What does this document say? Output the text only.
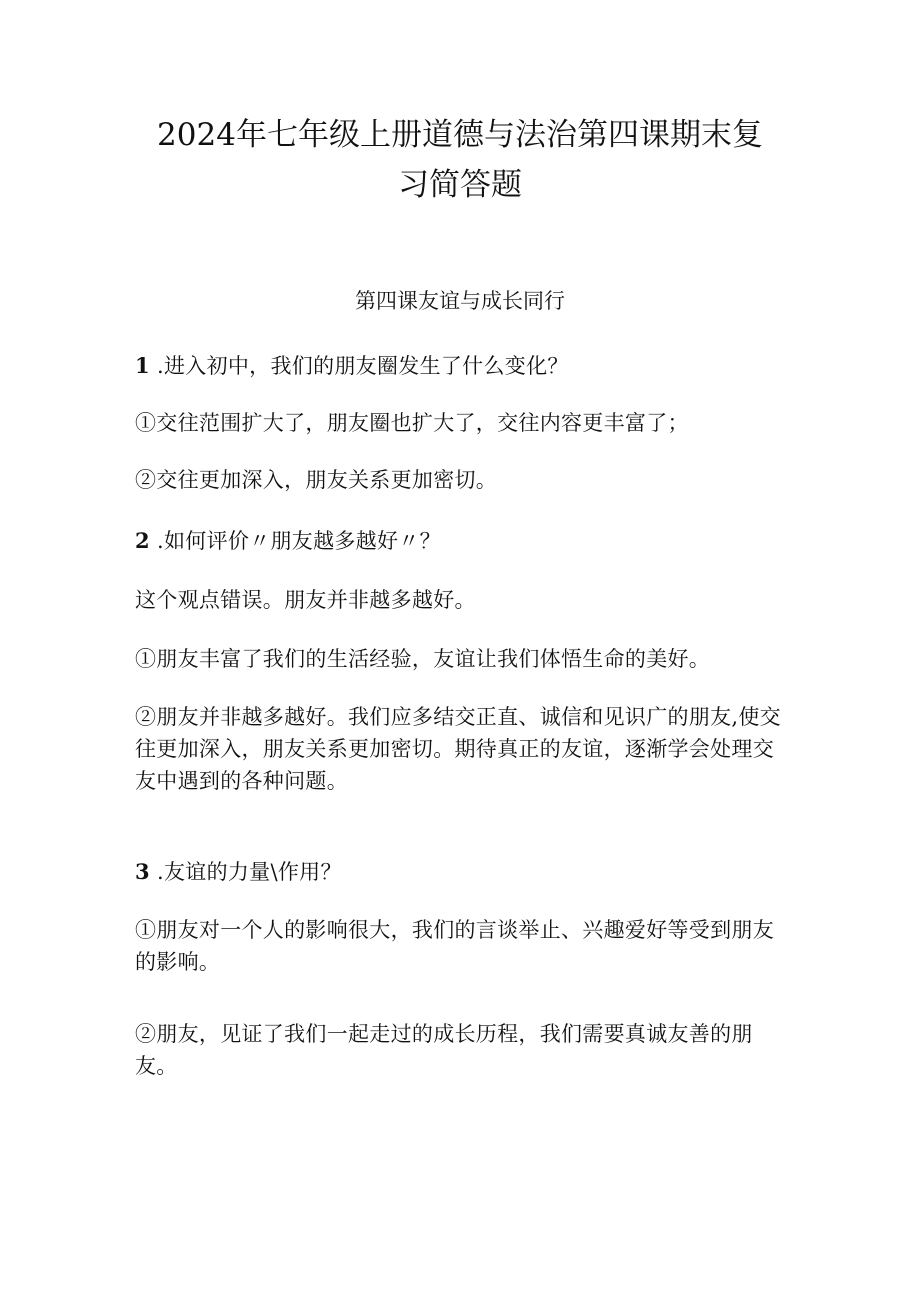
2024年七年级上册道德与法治第四课期末复
习简答题

第四课友谊与成长同行

1 .进入初中，我们的朋友圈发生了什么变化？

①交往范围扩大了，朋友圈也扩大了，交往内容更丰富了；

②交往更加深入，朋友关系更加密切。

2 .如何评价〃朋友越多越好〃？

这个观点错误。朋友并非越多越好。

①朋友丰富了我们的生活经验，友谊让我们体悟生命的美好。

②朋友并非越多越好。我们应多结交正直、诚信和见识广的朋友,使交往更加深入，朋友关系更加密切。期待真正的友谊，逐渐学会处理交友中遇到的各种问题。

3 .友谊的力量\作用？

①朋友对一个人的影响很大，我们的言谈举止、兴趣爱好等受到朋友的影响。

②朋友，见证了我们一起走过的成长历程，我们需要真诚友善的朋友。
